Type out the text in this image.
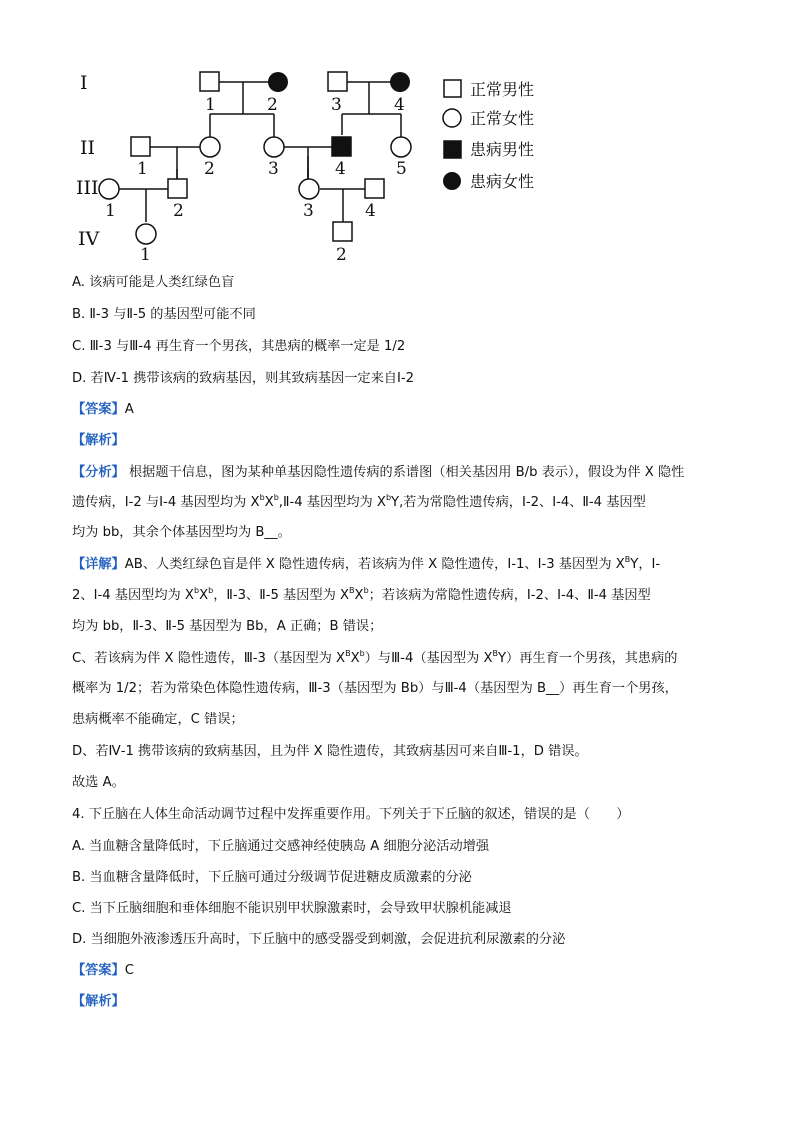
I
II
III
IV
1	2	3	4
1	2	3	4	5
1	2	3	4
1	2
正常男性
正常女性
患病男性
患病女性
A. 该病可能是人类红绿色盲
B. Ⅱ-3 与Ⅱ-5 的基因型可能不同
C. Ⅲ-3 与Ⅲ-4 再生育一个男孩，其患病的概率一定是 1/2
D. 若Ⅳ-1 携带该病的致病基因，则其致病基因一定来自Ⅰ-2
【答案】A
【解析】
【分析】 根据题干信息，图为某种单基因隐性遗传病的系谱图（相关基因用 B/b 表示），假设为伴 X 隐性
遗传病，Ⅰ-2 与Ⅰ-4 基因型均为 $X^bX^b,Ⅱ-4$ 基因型均为 $X^bY$,若为常隐性遗传病，Ⅰ-2、Ⅰ-4、Ⅱ-4 基因型
均为 bb，其余个体基因型均为 B__。
【详解】AB、人类红绿色盲是伴 X 隐性遗传病，若该病为伴 X 隐性遗传，Ⅰ-1、Ⅰ-3 基因型为 $X^BY$，Ⅰ-
2、Ⅰ-4 基因型均为 $X^bX^b$，Ⅱ-3、Ⅱ-5 基因型为 $X^BX^b$；若该病为常隐性遗传病，Ⅰ-2、Ⅰ-4、Ⅱ-4 基因型
均为 bb，Ⅱ-3、Ⅱ-5 基因型为 Bb，A 正确；B 错误；
C、若该病为伴 X 隐性遗传，Ⅲ-3（基因型为 $X^BX^b$）与Ⅲ-4（基因型为 $X^BY$）再生育一个男孩，其患病的
概率为 1/2；若为常染色体隐性遗传病，Ⅲ-3（基因型为 Bb）与Ⅲ-4（基因型为 B__）再生育一个男孩，
患病概率不能确定，C 错误；
D、若Ⅳ-1 携带该病的致病基因，且为伴 X 隐性遗传，其致病基因可来自Ⅲ-1，D 错误。
故选 A。
4. 下丘脑在人体生命活动调节过程中发挥重要作用。下列关于下丘脑的叙述，错误的是（　　）
A. 当血糖含量降低时，下丘脑通过交感神经使胰岛 A 细胞分泌活动增强
B. 当血糖含量降低时，下丘脑可通过分级调节促进糖皮质激素的分泌
C. 当下丘脑细胞和垂体细胞不能识别甲状腺激素时，会导致甲状腺机能减退
D. 当细胞外液渗透压升高时，下丘脑中的感受器受到刺激，会促进抗利尿激素的分泌
【答案】C
【解析】
